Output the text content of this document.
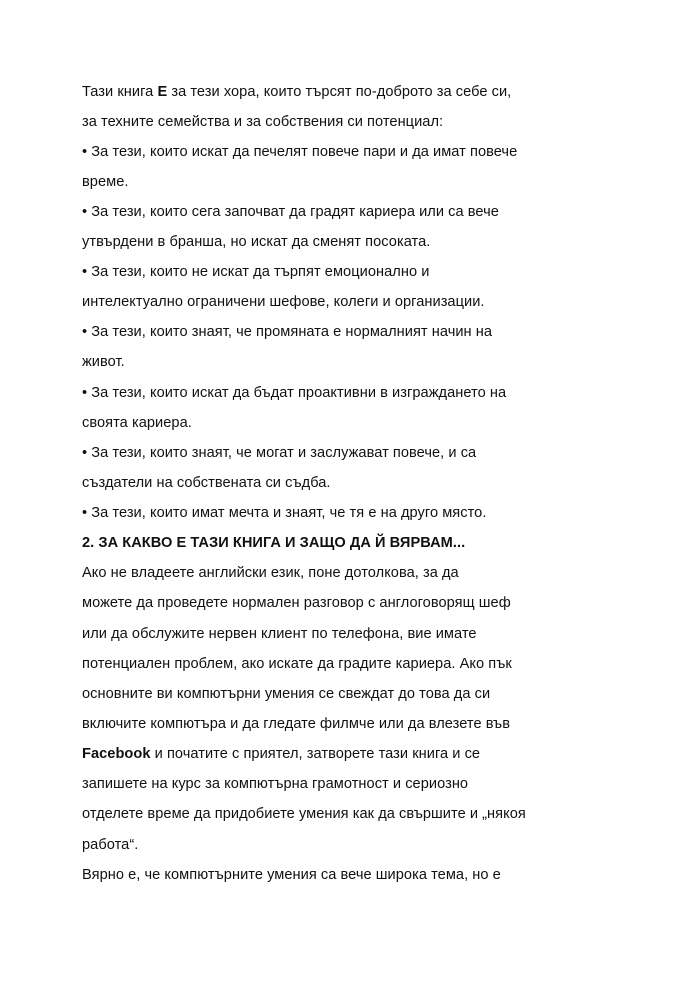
Тази книга Е за тези хора, които търсят по-доброто за себе си,
за техните семейства и за собствения си потенциал:
• За тези, които искат да печелят повече пари и да имат повече
време.
• За тези, които сега започват да градят кариера или са вече
утвърдени в бранша, но искат да сменят посоката.
• За тези, които не искат да търпят емоционално и
интелектуално ограничени шефове, колеги и организации.
• За тези, които знаят, че промяната е нормалният начин на
живот.
• За тези, които искат да бъдат проактивни в изграждането на
своята кариера.
• За тези, които знаят, че могат и заслужават повече, и са
създатели на собствената си съдба.
• За тези, които имат мечта и знаят, че тя е на друго място.
2. ЗА КАКВО Е ТАЗИ КНИГА И ЗАЩО ДА Й ВЯРВАМ...
Ако не владеете английски език, поне дотолкова, за да
можете да проведете нормален разговор с англоговорящ шеф
или да обслужите нервен клиент по телефона, вие имате
потенциален проблем, ако искате да градите кариера. Ако пък
основните ви компютърни умения се свеждат до това да си
включите компютъра и да гледате филмче или да влезете във
Facebook и початите с приятел, затворете тази книга и се
запишете на курс за компютърна грамотност и сериозно
отделете време да придобиете умения как да свършите и „някоя
работа“.
Вярно е, че компютърните умения са вече широка тема, но е
